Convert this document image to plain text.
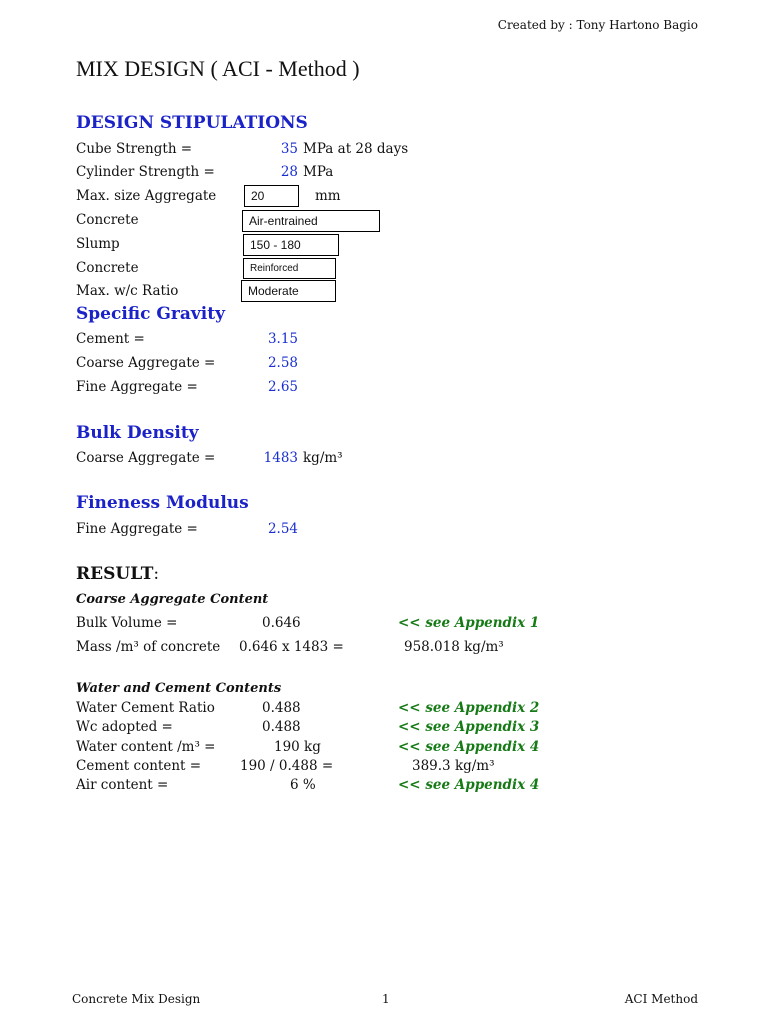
Created by : Tony Hartono Bagio
MIX DESIGN ( ACI - Method )
DESIGN STIPULATIONS
Cube Strength =	35 MPa at 28 days
Cylinder Strength =	28 MPa
Max. size Aggregate	20	mm
Concrete	Air-entrained
Slump	150 - 180
Concrete	Reinforced
Max. w/c Ratio	Moderate
Specific Gravity
Cement =	3.15
Coarse Aggregate =	2.58
Fine Aggregate =	2.65
Bulk Density
Coarse Aggregate =	1483 kg/m³
Fineness Modulus
Fine Aggregate =	2.54
RESULT:
Coarse Aggregate Content
Bulk Volume =	0.646	<< see Appendix 1
Mass /m³ of concrete 0.646 x 1483 =	958.018 kg/m³
Water and Cement Contents
Water Cement Ratio	0.488	<< see Appendix 2
Wc adopted =	0.488	<< see Appendix 3
Water content /m³ =	190 kg	<< see Appendix 4
Cement content =	190 / 0.488 =	389.3 kg/m³
Air content =	6 %	<< see Appendix 4
Concrete Mix Design	1	ACI Method
